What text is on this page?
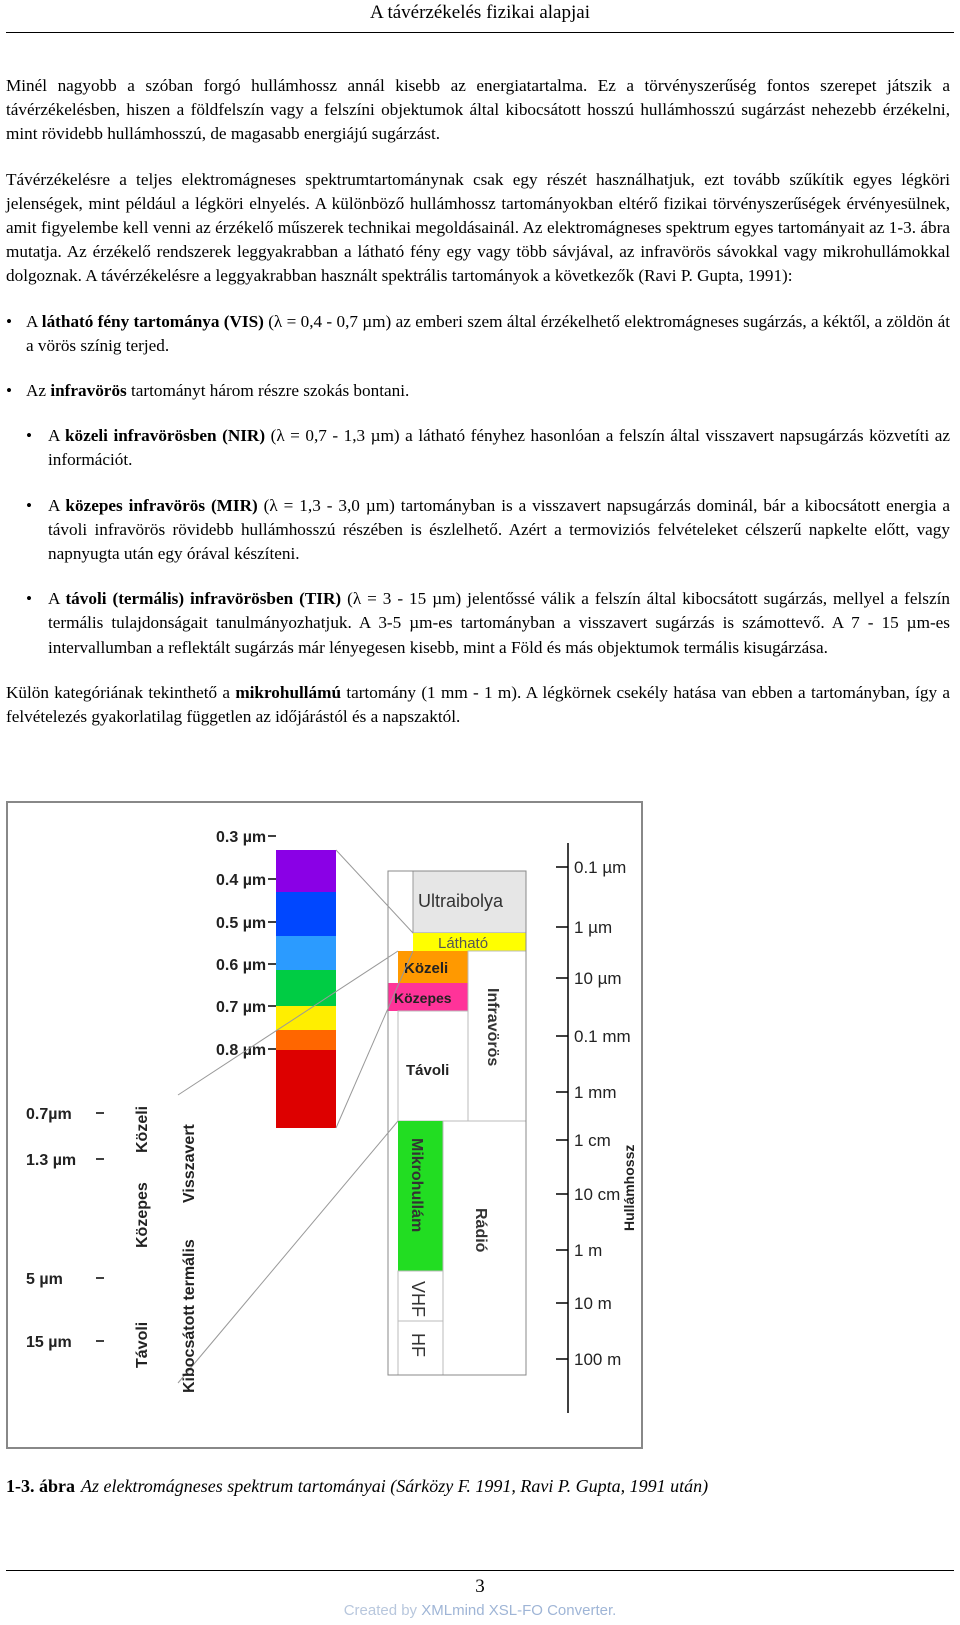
A távérzékelés fizikai alapjai

Minél nagyobb a szóban forgó hullámhossz annál kisebb az energiatartalma. Ez a törvényszerűség fontos szerepet játszik a távérzékelésben, hiszen a földfelszín vagy a felszíni objektumok által kibocsátott hosszú hullámhosszú sugárzást nehezebb érzékelni, mint rövidebb hullámhosszú, de magasabb energiájú sugárzást.

Távérzékelésre a teljes elektromágneses spektrumtartománynak csak egy részét használhatjuk, ezt tovább szűkítik egyes légköri jelenségek, mint például a légköri elnyelés. A különböző hullámhossz tartományokban eltérő fizikai törvényszerűségek érvényesülnek, amit figyelembe kell venni az érzékelő műszerek technikai megoldásainál. Az elektromágneses spektrum egyes tartományait az 1-3. ábra mutatja. Az érzékelő rendszerek leggyakrabban a látható fény egy vagy több sávjával, az infravörös sávokkal vagy mikrohullámokkal dolgoznak. A távérzékelésre a leggyakrabban használt spektrális tartományok a következők (Ravi P. Gupta, 1991):

• A látható fény tartománya (VIS) (λ = 0,4 - 0,7 µm) az emberi szem által érzékelhető elektromágneses sugárzás, a kéktől, a zöldön át a vörös színig terjed.
• Az infravörös tartományt három részre szokás bontani.
• A közeli infravörösben (NIR) (λ = 0,7 - 1,3 µm) a látható fényhez hasonlóan a felszín által visszavert napsugárzás közvetíti az információt.
• A közepes infravörös (MIR) (λ = 1,3 - 3,0 µm) tartományban is a visszavert napsugárzás dominál, bár a kibocsátott energia a távoli infravörös rövidebb hullámhosszú részében is észlelhető. Azért a termoviziós felvételeket célszerű napkelte előtt, vagy napnyugta után egy órával készíteni.
• A távoli (termális) infravörösben (TIR) (λ = 3 - 15 µm) jelentőssé válik a felszín által kibocsátott sugárzás, mellyel a felszín termális tulajdonságait tanulmányozhatjuk. A 3-5 µm-es tartományban a visszavert sugárzás is számottevő. A 7 - 15 µm-es intervallumban a reflektált sugárzás már lényegesen kisebb, mint a Föld és más objektumok termális kisugárzása.

Külön kategóriának tekinthető a mikrohullámú tartomány (1 mm - 1 m). A légkörnek csekély hatása van ebben a tartományban, így a felvételezés gyakorlatilag független az időjárástól és a napszaktól.

0.3 µm
0.4 µm
0.5 µm
0.6 µm
0.7 µm
0.8 µm
Ultraibolya
Látható
Közeli
Közepes
Távoli
Infravörös
Mikrohullám	Rádió
VHF
HF
0.1 µm
1 µm
10 µm
0.1 mm
1 mm
1 cm
10 cm
1 m
10 m
100 m
Hullámhossz
0.7µm
1.3 µm
5 µm
15 µm
Közeli
Közepes
Távoli
Visszavert
Kibocsátott termális
1-3. ábra Az elektromágneses spektrum tartományai (Sárközy F. 1991, Ravi P. Gupta, 1991 után)
3
Created by XMLmind XSL-FO Converter.
